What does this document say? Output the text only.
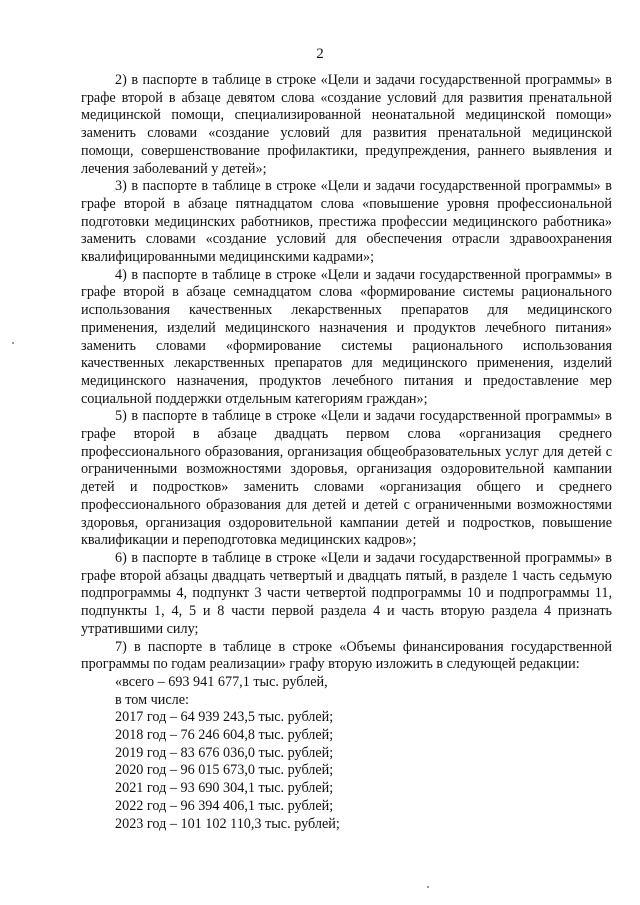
2

2) в паспорте в таблице в строке «Цели и задачи государственной программы» в графе второй в абзаце девятом слова «создание условий для развития пренатальной медицинской помощи, специализированной неонатальной медицинской помощи» заменить словами «создание условий для развития пренатальной медицинской помощи, совершенствование профилактики, предупреждения, раннего выявления и лечения заболеваний у детей»;

3) в паспорте в таблице в строке «Цели и задачи государственной программы» в графе второй в абзаце пятнадцатом слова «повышение уровня профессиональной подготовки медицинских работников, престижа профессии медицинского работника» заменить словами «создание условий для обеспечения отрасли здравоохранения квалифицированными медицинскими кадрами»;

4) в паспорте в таблице в строке «Цели и задачи государственной программы» в графе второй в абзаце семнадцатом слова «формирование системы рационального использования качественных лекарственных препаратов для медицинского применения, изделий медицинского назначения и продуктов лечебного питания» заменить словами «формирование системы рационального использования качественных лекарственных препаратов для медицинского применения, изделий медицинского назначения, продуктов лечебного питания и предоставление мер социальной поддержки отдельным категориям граждан»;

5) в паспорте в таблице в строке «Цели и задачи государственной программы» в графе второй в абзаце двадцать первом слова «организация среднего профессионального образования, организация общеобразовательных услуг для детей с ограниченными возможностями здоровья, организация оздоровительной кампании детей и подростков» заменить словами «организация общего и среднего профессионального образования для детей и детей с ограниченными возможностями здоровья, организация оздоровительной кампании детей и подростков, повышение квалификации и переподготовка медицинских кадров»;

6) в паспорте в таблице в строке «Цели и задачи государственной программы» в графе второй абзацы двадцать четвертый и двадцать пятый, в разделе 1 часть седьмую подпрограммы 4, подпункт 3 части четвертой подпрограммы 10 и подпрограммы 11, подпункты 1, 4, 5 и 8 части первой раздела 4 и часть вторую раздела 4 признать утратившими силу;

7) в паспорте в таблице в строке «Объемы финансирования государственной программы по годам реализации» графу вторую изложить в следующей редакции:

«всего – 693 941 677,1 тыс. рублей,

в том числе:

2017 год – 64 939 243,5 тыс. рублей;

2018 год – 76 246 604,8 тыс. рублей;

2019 год – 83 676 036,0 тыс. рублей;

2020 год – 96 015 673,0 тыс. рублей;

2021 год – 93 690 304,1 тыс. рублей;

2022 год – 96 394 406,1 тыс. рублей;

2023 год – 101 102 110,3 тыс. рублей;
